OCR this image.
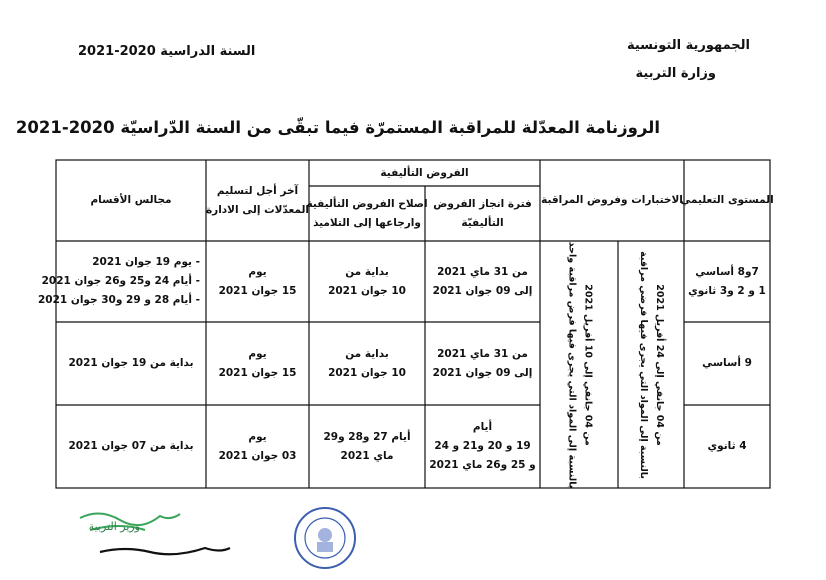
الجمهورية التونسية
وزارة التربية
السنة الدراسية 2020-2021
الروزنامة المعدّلة للمراقبة المستمرّة فيما تبقّى من السنة الدّراسيّة 2020-2021
المستوى التعليمي
الاختبارات وفروض المراقبة
الفروض التأليفية
فترة انجاز الفروض
التأليفيّة
اصلاح الفروض التأليفية
وارجاعها إلى التلاميذ
آخر أجل لتسليم
المعدّلات إلى الادارة
مجالس الأقسام
من 04 جانفي إلى 24 أفريل 2021
بالنسبة إلى المواد التي يجرى فيها فرضي مراقبة
من 04 جانفي إلى 10 أفريل 2021
بالنسبة إلى المواد التي يجرى فيها فرض مراقبة واحد	7و8 أساسي
1 و 2 و3 ثانوي
من 31 ماي 2021
إلى 09 جوان 2021
بداية من
10 جوان 2021
يوم
15 جوان 2021
- يوم 19 جوان 2021
- أيام 24 و25 و26 جوان 2021
- أيام 28 و 29 و30 جوان 2021
9 أساسي
من 31 ماي 2021
إلى 09 جوان 2021
بداية من
10 جوان 2021
يوم
15 جوان 2021
بداية من 19 جوان 2021
4 ثانوي
أيام
19 و 20 و21 و 24
و 25 و26 ماي 2021
أيام 27 و28 و29
ماي 2021
يوم
03 جوان 2021
بداية من 07 جوان 2021
وزير التربية
